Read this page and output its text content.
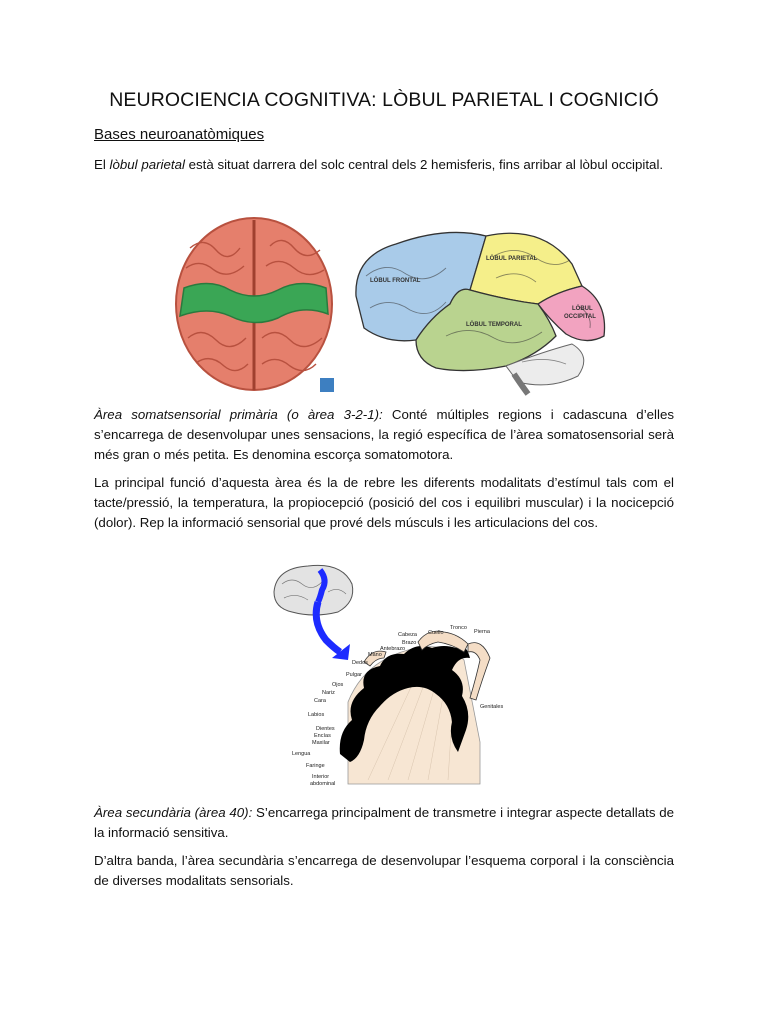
NEUROCIENCIA COGNITIVA: LÒBUL PARIETAL I COGNICIÓ
Bases neuroanatòmiques

El lòbul parietal està situat darrera del solc central dels 2 hemisferis, fins arribar al lòbul occipital.

LÒBUL FRONTAL
LÒBUL PARIETAL
LÒBUL
OCCIPITAL
LÒBUL TEMPORAL

Àrea somatsensorial primària (o àrea 3-2-1): Conté múltiples regions i cadascuna d’elles s’encarrega de desenvolupar unes sensacions, la regió específica de l’àrea somatosensorial serà més gran o més petita. Es denomina escorça somatomotora.

La principal funció d’aquesta àrea és la de rebre les diferents modalitats d’estímul tals com el tacte/pressió, la temperatura, la propiocepció (posició del cos i equilibri muscular) i la nocicepció (dolor). Rep la informació sensorial que prové dels músculs i les articulacions del cos.

Cabeza Cuello
Tronco
Pierna
Brazo
Antebrazo
Mano
Dedos
Pulgar
Ojos
Nariz
Cara
Labios
Dientes
Encías
Maxilar
Lengua
Faringe
Interior
abdominal
Genitales

Àrea secundària (àrea 40): S’encarrega principalment de transmetre i integrar aspecte detallats de la informació sensitiva.

D’altra banda, l’àrea secundària s’encarrega de desenvolupar l’esquema corporal i la consciència de diverses modalitats sensorials.
